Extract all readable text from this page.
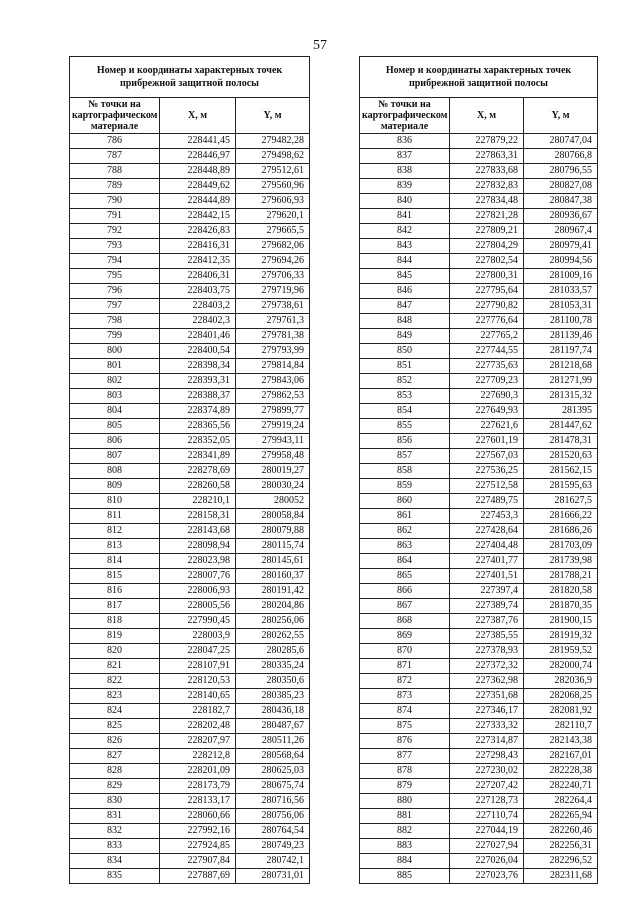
57
Номер и координаты характерных точек прибрежной защитной полосы		
№ точки на картографическом материале	X, м	Y, м
786	228441,45	279482,28
787	228446,97	279498,62
788	228448,89	279512,61
789	228449,62	279560,96
790	228444,89	279606,93
791	228442,15	279620,1
792	228426,83	279665,5
793	228416,31	279682,06
794	228412,35	279694,26
795	228406,31	279706,33
796	228403,75	279719,96
797	228403,2	279738,61
798	228402,3	279761,3
799	228401,46	279781,38
800	228400,54	279793,99
801	228398,34	279814,84
802	228393,31	279843,06
803	228388,37	279862,53
804	228374,89	279899,77
805	228365,56	279919,24
806	228352,05	279943,11
807	228341,89	279958,48
808	228278,69	280019,27
809	228260,58	280030,24
810	228210,1	280052
811	228158,31	280058,84
812	228143,68	280079,88
813	228098,94	280115,74
814	228023,98	280145,61
815	228007,76	280160,37
816	228006,93	280191,42
817	228005,56	280204,86
818	227990,45	280256,06
819	228003,9	280262,55
820	228047,25	280285,6
821	228107,91	280335,24
822	228120,53	280350,6
823	228140,65	280385,23
824	228182,7	280436,18
825	228202,48	280487,67
826	228207,97	280511,26
827	228212,8	280568,64
828	228201,09	280625,03
829	228173,79	280675,74
830	228133,17	280716,56
831	228060,66	280756,06
832	227992,16	280764,54
833	227924,85	280749,23
834	227907,84	280742,1
835	227887,69	280731,01
Номер и координаты характерных точек прибрежной защитной полосы		
№ точки на картографическом материале	X, м	Y, м
836	227879,22	280747,04
837	227863,31	280766,8
838	227833,68	280796,55
839	227832,83	280827,08
840	227834,48	280847,38
841	227821,28	280936,67
842	227809,21	280967,4
843	227804,29	280979,41
844	227802,54	280994,56
845	227800,31	281009,16
846	227795,64	281033,57
847	227790,82	281053,31
848	227776,64	281100,78
849	227765,2	281139,46
850	227744,55	281197,74
851	227735,63	281218,68
852	227709,23	281271,99
853	227690,3	281315,32
854	227649,93	281395
855	227621,6	281447,62
856	227601,19	281478,31
857	227567,03	281520,63
858	227536,25	281562,15
859	227512,58	281595,63
860	227489,75	281627,5
861	227453,3	281666,22
862	227428,64	281686,26
863	227404,48	281703,09
864	227401,77	281739,98
865	227401,51	281788,21
866	227397,4	281820,58
867	227389,74	281870,35
868	227387,76	281900,15
869	227385,55	281919,32
870	227378,93	281959,52
871	227372,32	282000,74
872	227362,98	282036,9
873	227351,68	282068,25
874	227346,17	282081,92
875	227333,32	282110,7
876	227314,87	282143,38
877	227298,43	282167,01
878	227230,02	282228,38
879	227207,42	282240,71
880	227128,73	282264,4
881	227110,74	282265,94
882	227044,19	282260,46
883	227027,94	282256,31
884	227026,04	282296,52
885	227023,76	282311,68
